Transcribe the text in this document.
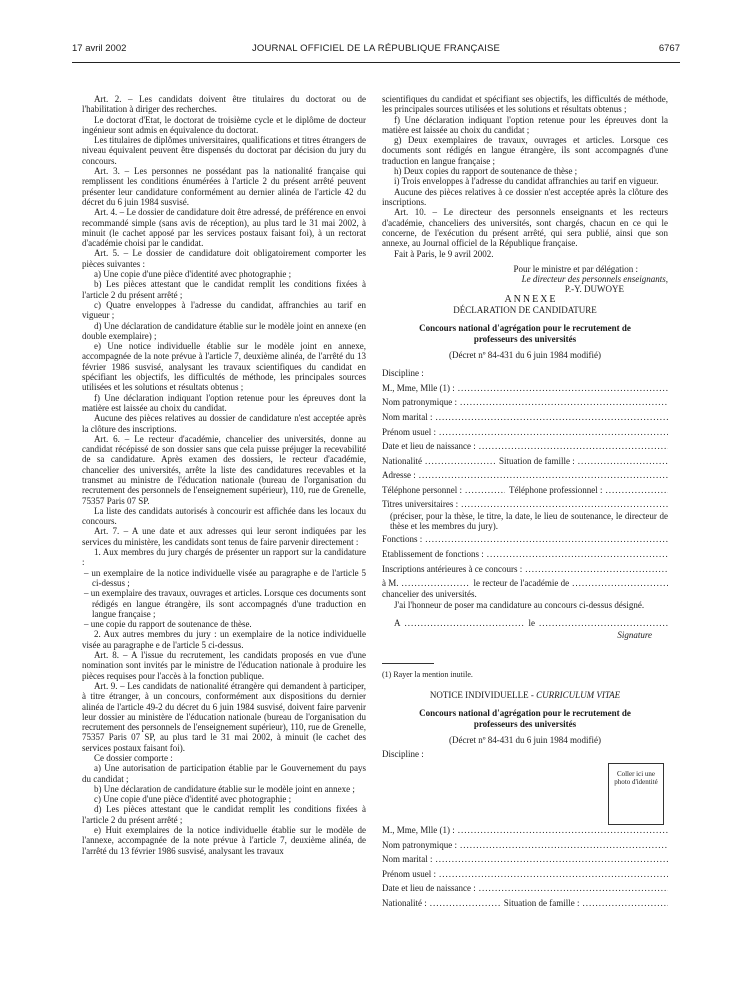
17 avril 2002	JOURNAL OFFICIEL DE LA RÉPUBLIQUE FRANÇAISE	6767

Art. 2. – Les candidats doivent être titulaires du doctorat ou de l'habilitation à diriger des recherches.

Le doctorat d'Etat, le doctorat de troisième cycle et le diplôme de docteur ingénieur sont admis en équivalence du doctorat.

Les titulaires de diplômes universitaires, qualifications et titres étrangers de niveau équivalent peuvent être dispensés du doctorat par décision du jury du concours.

Art. 3. – Les personnes ne possédant pas la nationalité française qui remplissent les conditions énumérées à l'article 2 du présent arrêté peuvent présenter leur candidature conformément au dernier alinéa de l'article 42 du décret du 6 juin 1984 susvisé.

Art. 4. – Le dossier de candidature doit être adressé, de préférence en envoi recommandé simple (sans avis de réception), au plus tard le 31 mai 2002, à minuit (le cachet apposé par les services postaux faisant foi), à un rectorat d'académie choisi par le candidat.

Art. 5. – Le dossier de candidature doit obligatoirement comporter les pièces suivantes :

a) Une copie d'une pièce d'identité avec photographie ;

b) Les pièces attestant que le candidat remplit les conditions fixées à l'article 2 du présent arrêté ;

c) Quatre enveloppes à l'adresse du candidat, affranchies au tarif en vigueur ;

d) Une déclaration de candidature établie sur le modèle joint en annexe (en double exemplaire) ;

e) Une notice individuelle établie sur le modèle joint en annexe, accompagnée de la note prévue à l'article 7, deuxième alinéa, de l'arrêté du 13 février 1986 susvisé, analysant les travaux scientifiques du candidat en spécifiant les objectifs, les difficultés de méthode, les principales sources utilisées et les solutions et résultats obtenus ;

f) Une déclaration indiquant l'option retenue pour les épreuves dont la matière est laissée au choix du candidat.

Aucune des pièces relatives au dossier de candidature n'est acceptée après la clôture des inscriptions.

Art. 6. – Le recteur d'académie, chancelier des universités, donne au candidat récépissé de son dossier sans que cela puisse préjuger la recevabilité de sa candidature. Après examen des dossiers, le recteur d'académie, chancelier des universités, arrête la liste des candidatures recevables et la transmet au ministre de l'éducation nationale (bureau de l'organisation du recrutement des personnels de l'enseignement supérieur), 110, rue de Grenelle, 75357 Paris 07 SP.

La liste des candidats autorisés à concourir est affichée dans les locaux du concours.

Art. 7. – A une date et aux adresses qui leur seront indiquées par les services du ministère, les candidats sont tenus de faire parvenir directement :

1. Aux membres du jury chargés de présenter un rapport sur la candidature :

– un exemplaire de la notice individuelle visée au paragraphe e de l'article 5 ci-dessus ;

– un exemplaire des travaux, ouvrages et articles. Lorsque ces documents sont rédigés en langue étrangère, ils sont accompagnés d'une traduction en langue française ;

– une copie du rapport de soutenance de thèse.

2. Aux autres membres du jury : un exemplaire de la notice individuelle visée au paragraphe e de l'article 5 ci-dessus.

Art. 8. – A l'issue du recrutement, les candidats proposés en vue d'une nomination sont invités par le ministre de l'éducation nationale à produire les pièces requises pour l'accès à la fonction publique.

Art. 9. – Les candidats de nationalité étrangère qui demandent à participer, à titre étranger, à un concours, conformément aux dispositions du dernier alinéa de l'article 49-2 du décret du 6 juin 1984 susvisé, doivent faire parvenir leur dossier au ministère de l'éducation nationale (bureau de l'organisation du recrutement des personnels de l'enseignement supérieur), 110, rue de Grenelle, 75357 Paris 07 SP, au plus tard le 31 mai 2002, à minuit (le cachet des services postaux faisant foi).

Ce dossier comporte :

a) Une autorisation de participation établie par le Gouvernement du pays du candidat ;

b) Une déclaration de candidature établie sur le modèle joint en annexe ;

c) Une copie d'une pièce d'identité avec photographie ;

d) Les pièces attestant que le candidat remplit les conditions fixées à l'article 2 du présent arrêté ;

e) Huit exemplaires de la notice individuelle établie sur le modèle de l'annexe, accompagnée de la note prévue à l'article 7, deuxième alinéa, de l'arrêté du 13 février 1986 susvisé, analysant les travaux

scientifiques du candidat et spécifiant ses objectifs, les difficultés de méthode, les principales sources utilisées et les solutions et résultats obtenus ;

f) Une déclaration indiquant l'option retenue pour les épreuves dont la matière est laissée au choix du candidat ;

g) Deux exemplaires de travaux, ouvrages et articles. Lorsque ces documents sont rédigés en langue étrangère, ils sont accompagnés d'une traduction en langue française ;

h) Deux copies du rapport de soutenance de thèse ;

i) Trois enveloppes à l'adresse du candidat affranchies au tarif en vigueur.

Aucune des pièces relatives à ce dossier n'est acceptée après la clôture des inscriptions.

Art. 10. – Le directeur des personnels enseignants et les recteurs d'académie, chanceliers des universités, sont chargés, chacun en ce qui le concerne, de l'exécution du présent arrêté, qui sera publié, ainsi que son annexe, au Journal officiel de la République française.

Fait à Paris, le 9 avril 2002.

Pour le ministre et par délégation :

Le directeur des personnels enseignants,

P.-Y. DUWOYE

ANNEXE

DÉCLARATION DE CANDIDATURE

Concours national d'agrégation pour le recrutement de professeurs des universités

(Décret nº 84-431 du 6 juin 1984 modifié)

Discipline :
M., Mme, Mlle (1) :
.....
Nom patronymique :
.....
Nom marital :
.....
Prénom usuel :
.....
Date et lieu de naissance :
.....
Nationalité .....	Situation de famille :
.....
Adresse :
.....
Téléphone personnel : .....	Téléphone professionnel :
.....
Titres universitaires :
.....

(préciser, pour la thèse, le titre, la date, le lieu de soutenance, le directeur de thèse et les membres du jury).

Fonctions :
.....
Etablissement de fonctions :
.....
Inscriptions antérieures à ce concours :
.....
à M. .....	le recteur de l'académie de
.....

chancelier des universités.

J'ai l'honneur de poser ma candidature au concours ci-dessus désigné.

A .....	le
.....

Signature

(1) Rayer la mention inutile.

NOTICE INDIVIDUELLE - CURRICULUM VITAE

Concours national d'agrégation pour le recrutement de professeurs des universités

(Décret nº 84-431 du 6 juin 1984 modifié)

Discipline :
Coller ici une photo d'identité
M., Mme, Mlle (1) :
.....
Nom patronymique :
.....
Nom marital :
.....
Prénom usuel :
.....
Date et lieu de naissance :
.....
Nationalité : .....	Situation de famille :
.....
